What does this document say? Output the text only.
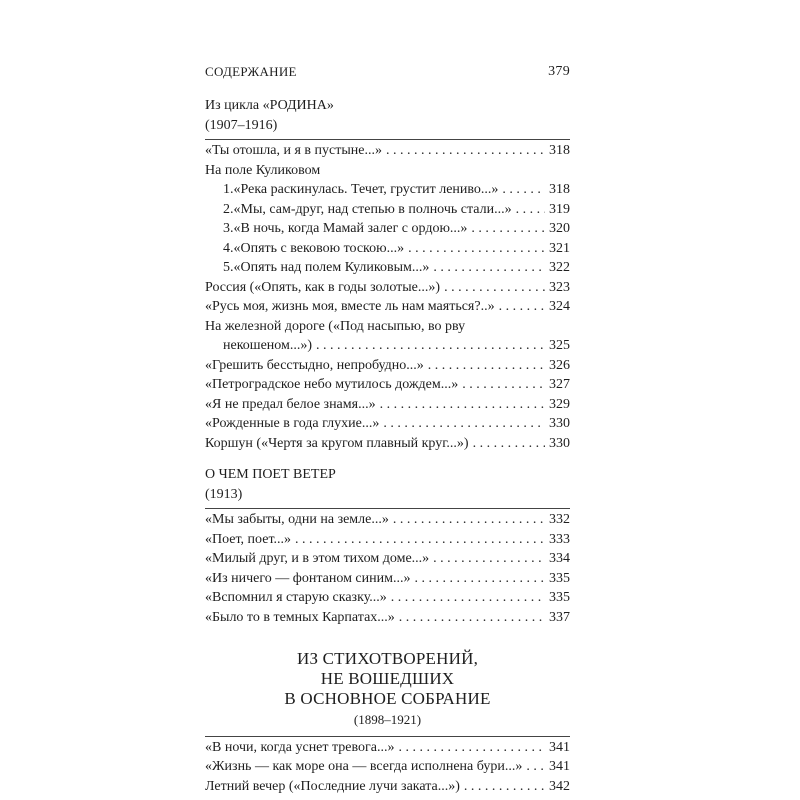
СОДЕРЖАНИЕ	379
Из цикла «РОДИНА»
(1907–1916)
«Ты отошла, и я в пустыне...» . . .	318
На поле Куликовом
1. «Река раскинулась. Течет, грустит лениво...» . . .	318
2. «Мы, сам-друг, над степью в полночь стали...» . . .	319
3. «В ночь, когда Мамай залег с ордою...» . . .	320
4. «Опять с вековою тоскою...» . . .	321
5. «Опять над полем Куликовым...» . . .	322
Россия («Опять, как в годы золотые...») . . .	323
«Русь моя, жизнь моя, вместе ль нам маяться?..» . . .	324
На железной дороге («Под насыпью, во рву
некошеном...») . . .	325
«Грешить бесстыдно, непробудно...» . . .	326
«Петроградское небо мутилось дождем...» . . .	327
«Я не предал белое знамя...» . . .	329
«Рожденные в года глухие...» . . .	330
Коршун («Чертя за кругом плавный круг...») . . .	330
О ЧЕМ ПОЕТ ВЕТЕР
(1913)
«Мы забыты, одни на земле...» . . .	332
«Поет, поет...» . . .	333
«Милый друг, и в этом тихом доме...» . . .	334
«Из ничего — фонтаном синим...» . . .	335
«Вспомнил я старую сказку...» . . .	335
«Было то в темных Карпатах...» . . .	337
ИЗ СТИХОТВОРЕНИЙ,
НЕ ВОШЕДШИХ
В ОСНОВНОЕ СОБРАНИЕ
(1898–1921)
«В ночи, когда уснет тревога...» . . .	341
«Жизнь — как море она — всегда исполнена бури...» . . . 341
Летний вечер («Последние лучи заката...») . . .	342
